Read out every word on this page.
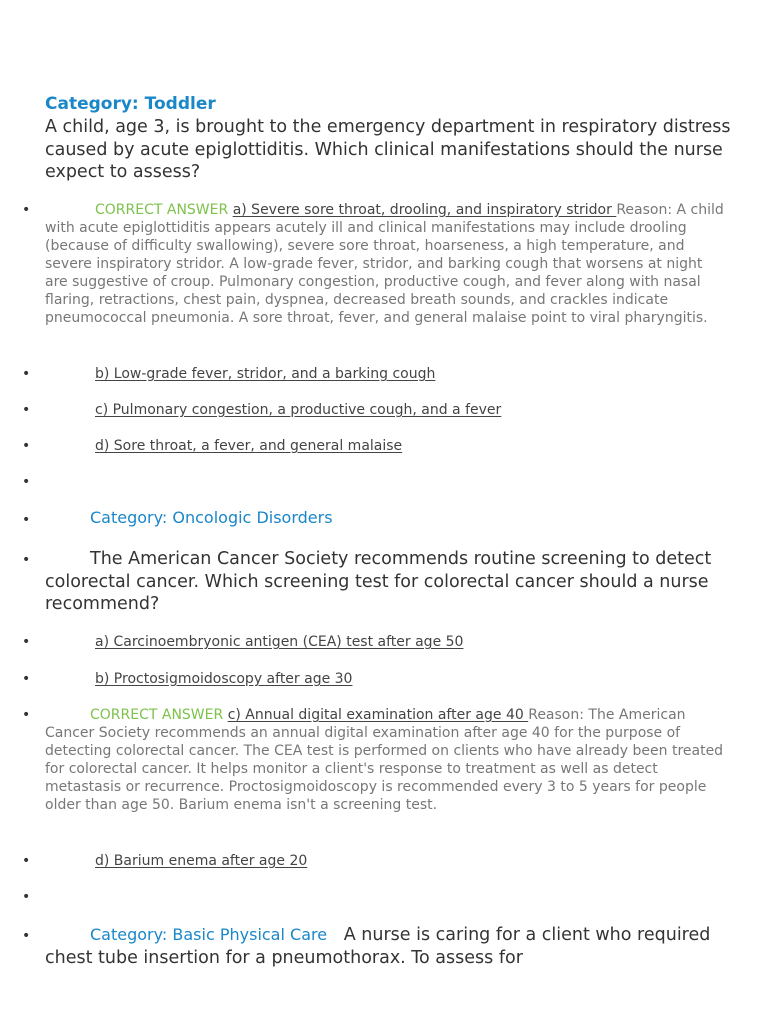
Category: Toddler
A child, age 3, is brought to the emergency department in respiratory distress caused by acute epiglottiditis. Which clinical manifestations should the nurse expect to assess?
•	CORRECT ANSWER a) Severe sore throat, drooling, and inspiratory stridor Reason: A child with acute epiglottiditis appears acutely ill and clinical manifestations may include drooling (because of difficulty swallowing), severe sore throat, hoarseness, a high temperature, and severe inspiratory stridor. A low-grade fever, stridor, and barking cough that worsens at night are suggestive of croup. Pulmonary congestion, productive cough, and fever along with nasal flaring, retractions, chest pain, dyspnea, decreased breath sounds, and crackles indicate pneumococcal pneumonia. A sore throat, fever, and general malaise point to viral pharyngitis.
•	b) Low-grade fever, stridor, and a barking cough
•	c) Pulmonary congestion, a productive cough, and a fever
•	d) Sore throat, a fever, and general malaise
•
•	Category: Oncologic Disorders
•	The American Cancer Society recommends routine screening to detect colorectal cancer. Which screening test for colorectal cancer should a nurse recommend?
•	a) Carcinoembryonic antigen (CEA) test after age 50
•	b) Proctosigmoidoscopy after age 30
•	CORRECT ANSWER c) Annual digital examination after age 40 Reason: The American Cancer Society recommends an annual digital examination after age 40 for the purpose of detecting colorectal cancer. The CEA test is performed on clients who have already been treated for colorectal cancer. It helps monitor a client's response to treatment as well as detect metastasis or recurrence. Proctosigmoidoscopy is recommended every 3 to 5 years for people older than age 50. Barium enema isn't a screening test.
•	d) Barium enema after age 20
•
•	Category: Basic Physical Care A nurse is caring for a client who required chest tube insertion for a pneumothorax. To assess for
